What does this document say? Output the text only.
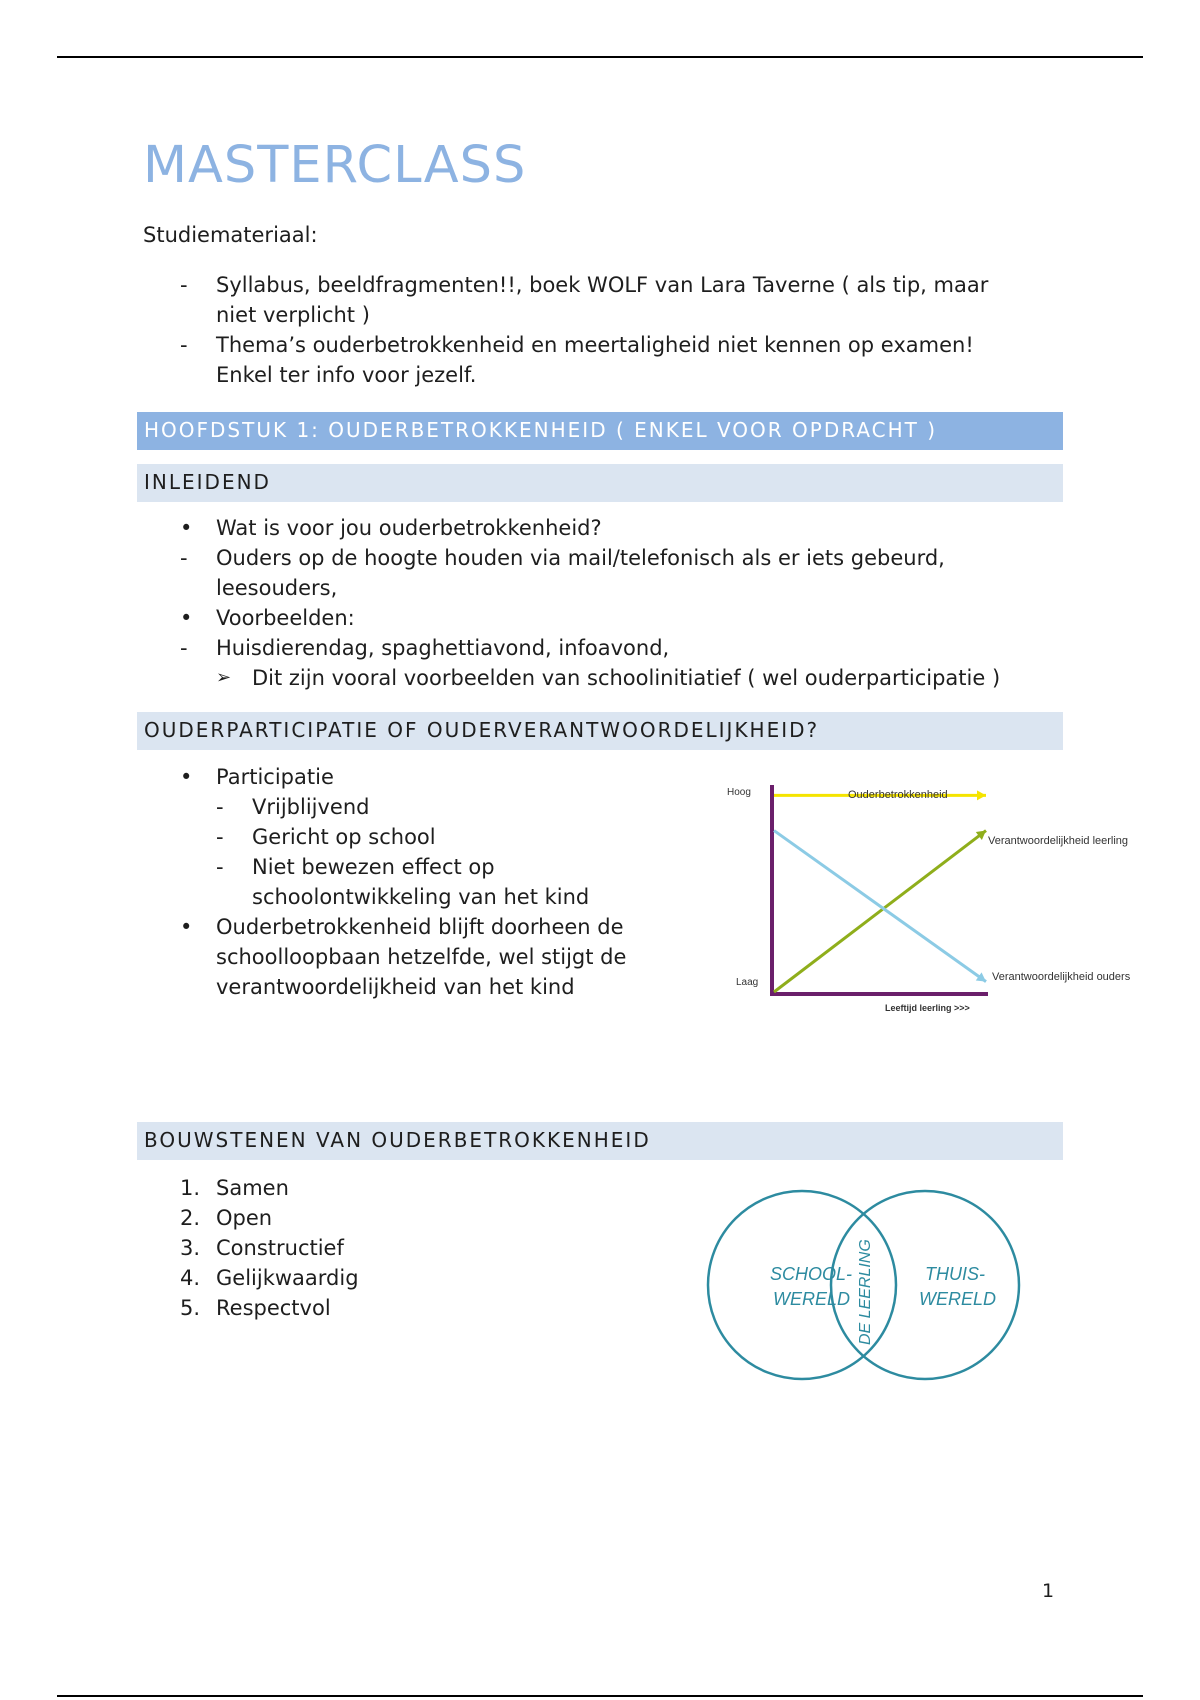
MASTERCLASS
Studiemateriaal:
- Syllabus, beeldfragmenten!!, boek WOLF van Lara Taverne ( als tip, maar
niet verplicht )
- Thema’s ouderbetrokkenheid en meertaligheid niet kennen op examen!
Enkel ter info voor jezelf.
HOOFDSTUK 1: OUDERBETROKKENHEID ( ENKEL VOOR OPDRACHT )
INLEIDEND
• Wat is voor jou ouderbetrokkenheid?
- Ouders op de hoogte houden via mail/telefonisch als er iets gebeurd,
leesouders,
• Voorbeelden:
- Huisdierendag, spaghettiavond, infoavond,
➢ Dit zijn vooral voorbeelden van schoolinitiatief ( wel ouderparticipatie )
OUDERPARTICIPATIE OF OUDERVERANTWOORDELIJKHEID?
• Participatie
- Vrijblijvend
- Gericht op school
- Niet bewezen effect op
schoolontwikkeling van het kind
• Ouderbetrokkenheid blijft doorheen de
schoolloopbaan hetzelfde, wel stijgt de
verantwoordelijkheid van het kind
Hoog
Laag
Leeftijd leerling >>>
Ouderbetrokkenheid
Verantwoordelijkheid leerling
Verantwoordelijkheid ouders
BOUWSTENEN VAN OUDERBETROKKENHEID
1. Samen
2. Open
3. Constructief
4. Gelijkwaardig
5. Respectvol
SCHOOL-
WERELD
THUIS-
WERELD
DE LEERLING
1
